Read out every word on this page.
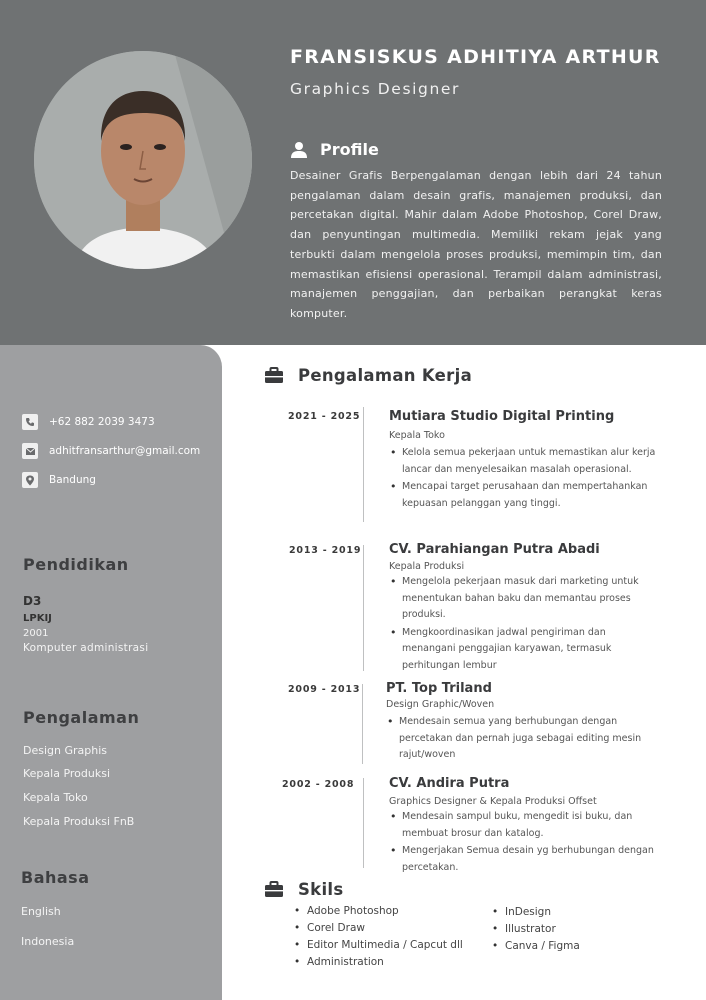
FRANSISKUS ADHITIYA ARTHUR
Graphics Designer
Profile

Desainer Grafis Berpengalaman dengan lebih dari 24 tahun pengalaman dalam desain grafis, manajemen produksi, dan percetakan digital. Mahir dalam Adobe Photoshop, Corel Draw, dan penyuntingan multimedia. Memiliki rekam jejak yang terbukti dalam mengelola proses produksi, memimpin tim, dan memastikan efisiensi operasional. Terampil dalam administrasi, manajemen penggajian, dan perbaikan perangkat keras komputer.

+62 882 2039 3473
adhitfransarthur@gmail.com
Bandung
Pendidikan
D3
LPKIJ
2001
Komputer administrasi
Pengalaman
Design Graphis
Kepala Produksi
Kepala Toko
Kepala Produksi FnB
Bahasa
English
Indonesia
Pengalaman Kerja
2021 - 2025 Mutiara Studio Digital Printing
Kepala Toko
• Kelola semua pekerjaan untuk memastikan alur kerja lancar dan menyelesaikan masalah operasional.
• Mencapai target perusahaan dan mempertahankan kepuasan pelanggan yang tinggi.
2013 - 2019 CV. Parahiangan Putra Abadi
Kepala Produksi
• Mengelola pekerjaan masuk dari marketing untuk menentukan bahan baku dan memantau proses produksi.
• Mengkoordinasikan jadwal pengiriman dan menangani penggajian karyawan, termasuk perhitungan lembur
2009 - 2013 PT. Top Triland
Design Graphic/Woven
• Mendesain semua yang berhubungan dengan percetakan dan pernah juga sebagai editing mesin rajut/woven
2002 - 2008	CV. Andira Putra
Graphics Designer & Kepala Produksi Offset
• Mendesain sampul buku, mengedit isi buku, dan membuat brosur dan katalog.
• Mengerjakan Semua desain yg berhubungan dengan percetakan.
Skils
• Adobe Photoshop
• Corel Draw
• Editor Multimedia / Capcut dll
• Administration
• InDesign
• Illustrator
• Canva / Figma
